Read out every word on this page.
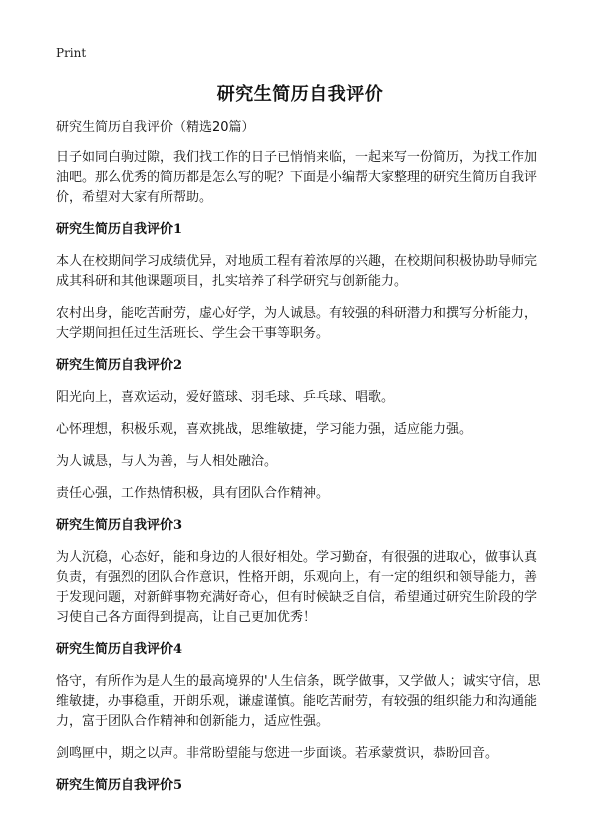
Print
研究生简历自我评价

研究生简历自我评价（精选20篇）

日子如同白驹过隙，我们找工作的日子已悄悄来临，一起来写一份简历，为找工作加油吧。那么优秀的简历都是怎么写的呢？下面是小编帮大家整理的研究生简历自我评价，希望对大家有所帮助。

研究生简历自我评价1

本人在校期间学习成绩优异，对地质工程有着浓厚的兴趣，在校期间积极协助导师完成其科研和其他课题项目，扎实培养了科学研究与创新能力。

农村出身，能吃苦耐劳，虚心好学，为人诚恳。有较强的科研潜力和撰写分析能力，大学期间担任过生活班长、学生会干事等职务。

研究生简历自我评价2

阳光向上，喜欢运动，爱好篮球、羽毛球、乒乓球、唱歌。

心怀理想，积极乐观，喜欢挑战，思维敏捷，学习能力强，适应能力强。

为人诚恳，与人为善，与人相处融洽。

责任心强，工作热情积极，具有团队合作精神。

研究生简历自我评价3

为人沉稳，心态好，能和身边的人很好相处。学习勤奋，有很强的进取心，做事认真负责，有强烈的团队合作意识，性格开朗，乐观向上，有一定的组织和领导能力，善于发现问题，对新鲜事物充满好奇心，但有时候缺乏自信，希望通过研究生阶段的学习使自己各方面得到提高，让自己更加优秀！

研究生简历自我评价4

恪守，有所作为是人生的最高境界的'人生信条，既学做事，又学做人；诚实守信，思维敏捷，办事稳重，开朗乐观，谦虚谨慎。能吃苦耐劳，有较强的组织能力和沟通能力，富于团队合作精神和创新能力，适应性强。

剑鸣匣中，期之以声。非常盼望能与您进一步面谈。若承蒙赏识，恭盼回音。

研究生简历自我评价5
